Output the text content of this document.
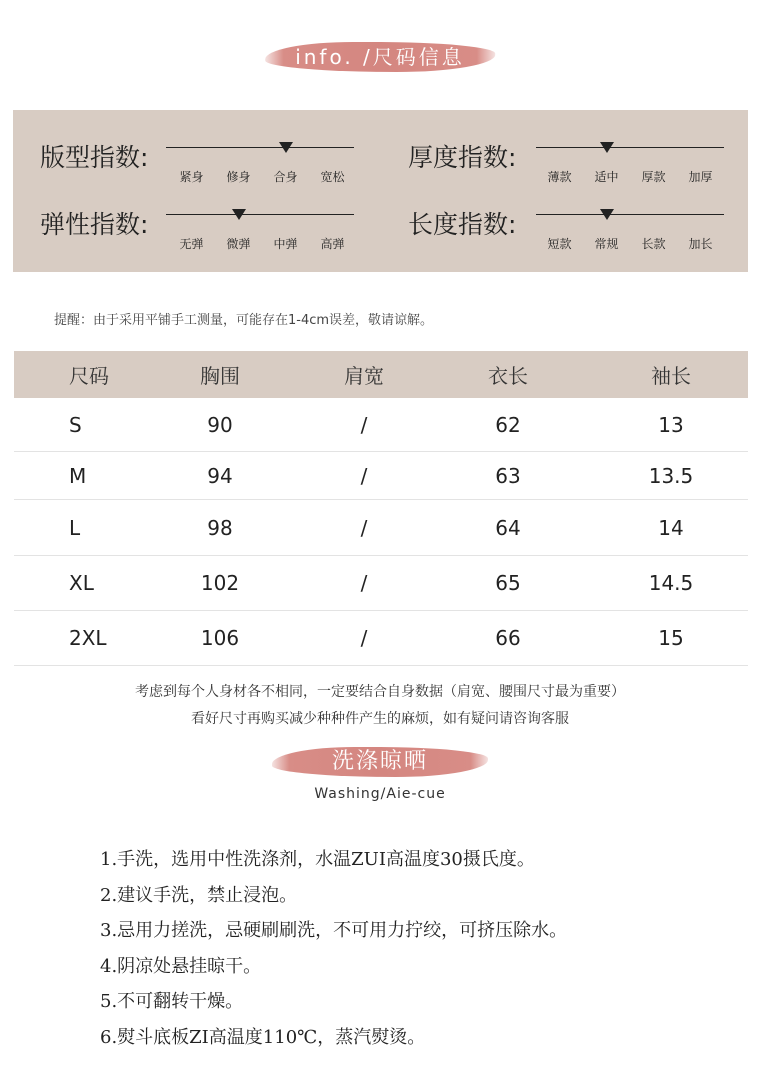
info. /尺码信息
版型指数:
紧身	修身	合身	宽松
厚度指数:
薄款	适中	厚款	加厚
弹性指数:
无弹	微弹	中弹	高弹
长度指数:
短款	常规	长款	加长
提醒：由于采用平铺手工测量，可能存在1-4cm误差，敬请谅解。
尺码	胸围	肩宽	衣长	袖长
S	90	/	62	13
M	94	/	63	13.5
L	98	/	64	14
XL	102	/	65	14.5
2XL	106	/	66	15
考虑到每个人身材各不相同，一定要结合自身数据（肩宽、腰围尺寸最为重要）
看好尺寸再购买减少种种件产生的麻烦，如有疑问请咨询客服
洗涤晾晒
Washing/Aie-cue
1.手洗，选用中性洗涤剂，水温ZUI高温度30摄氏度。
2.建议手洗，禁止浸泡。
3.忌用力搓洗，忌硬刷刷洗，不可用力拧绞，可挤压除水。
4.阴凉处悬挂晾干。
5.不可翻转干燥。
6.熨斗底板ZI高温度110℃，蒸汽熨烫。
